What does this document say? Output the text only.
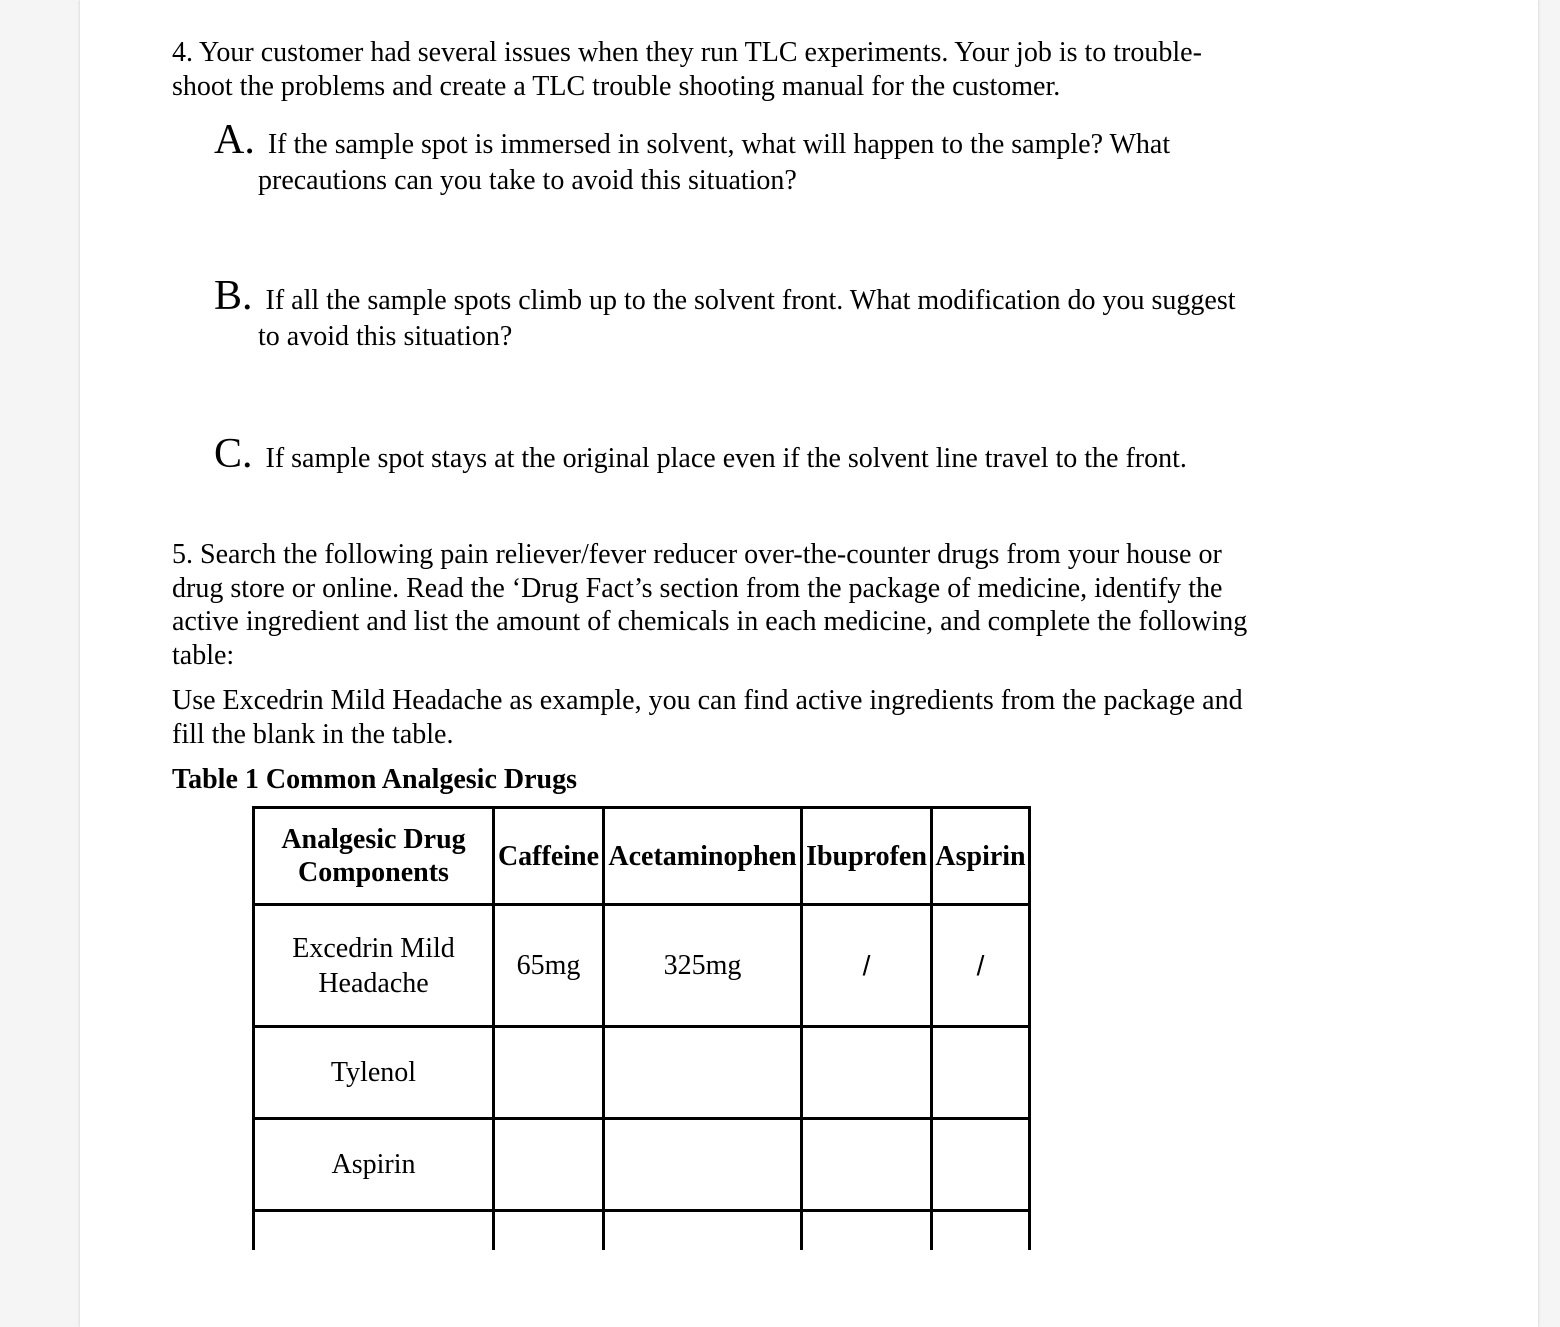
4. Your customer had several issues when they run TLC experiments. Your job is to trouble-
shoot the problems and create a TLC trouble shooting manual for the customer.
A. If the sample spot is immersed in solvent, what will happen to the sample? What
precautions can you take to avoid this situation?
B. If all the sample spots climb up to the solvent front. What modification do you suggest
to avoid this situation?
C. If sample spot stays at the original place even if the solvent line travel to the front.
5. Search the following pain reliever/fever reducer over-the-counter drugs from your house or
drug store or online. Read the ‘Drug Fact’s section from the package of medicine, identify the
active ingredient and list the amount of chemicals in each medicine, and complete the following
table:
Use Excedrin Mild Headache as example, you can find active ingredients from the package and
fill the blank in the table.
Table 1 Common Analgesic Drugs
Analgesic Drug
Components	Caffeine	Acetaminophen	Ibuprofen	Aspirin

Excedrin Mild
Headache	65mg	325mg	/	/
Tylenol				
Aspirin				
